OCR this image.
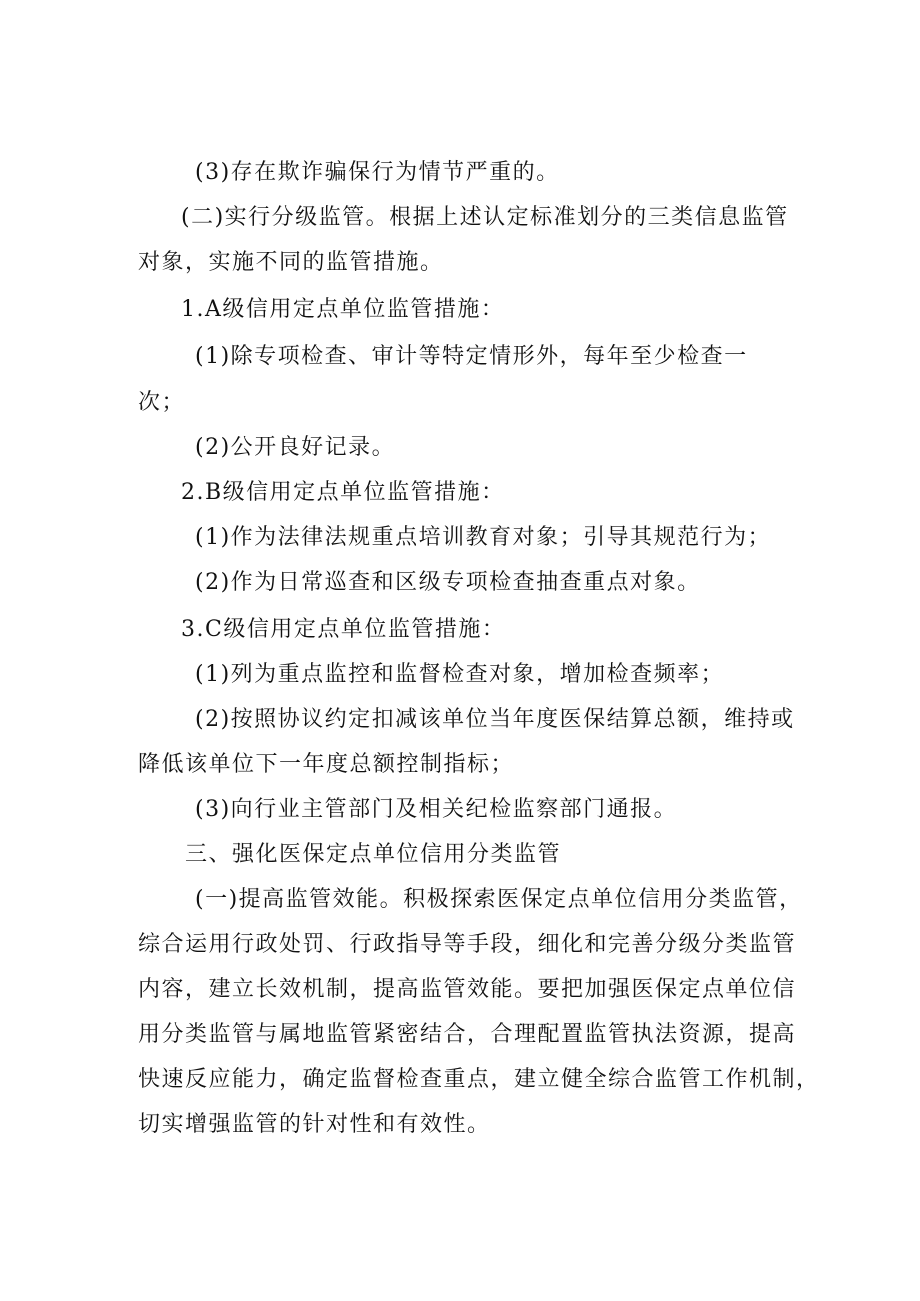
(3)存在欺诈骗保行为情节严重的。
(二)实行分级监管。根据上述认定标准划分的三类信息监管
对象，实施不同的监管措施。
1.A级信用定点单位监管措施：
(1)除专项检查、审计等特定情形外，每年至少检查一
次；
(2)公开良好记录。
2.B级信用定点单位监管措施：
(1)作为法律法规重点培训教育对象；引导其规范行为；
(2)作为日常巡查和区级专项检查抽查重点对象。
3.C级信用定点单位监管措施：
(1)列为重点监控和监督检查对象，增加检查频率；
(2)按照协议约定扣减该单位当年度医保结算总额，维持或
降低该单位下一年度总额控制指标；
(3)向行业主管部门及相关纪检监察部门通报。
三、强化医保定点单位信用分类监管
(一)提高监管效能。积极探索医保定点单位信用分类监管，
综合运用行政处罚、行政指导等手段，细化和完善分级分类监管
内容，建立长效机制，提高监管效能。要把加强医保定点单位信
用分类监管与属地监管紧密结合，合理配置监管执法资源，提高
快速反应能力，确定监督检查重点，建立健全综合监管工作机制，
切实增强监管的针对性和有效性。
